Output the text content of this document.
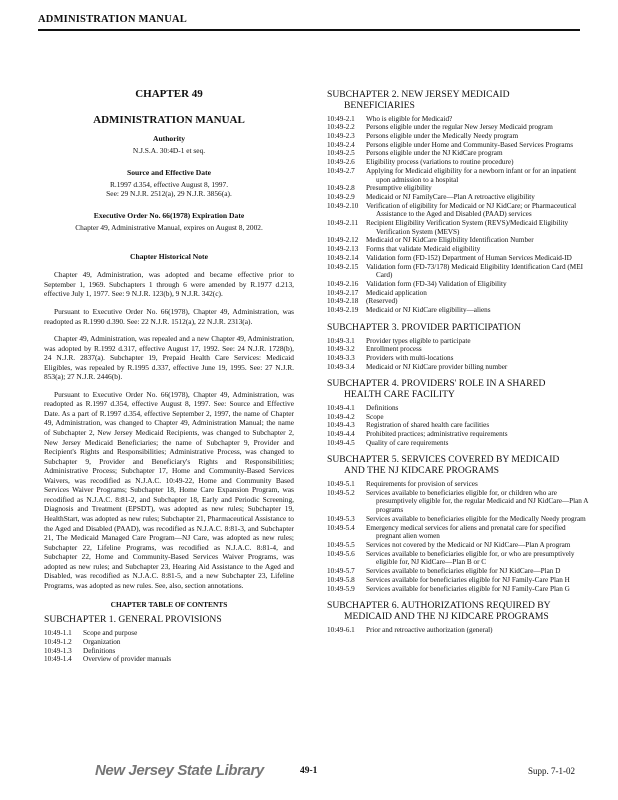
ADMINISTRATION MANUAL
CHAPTER 49
ADMINISTRATION MANUAL
Authority
N.J.S.A. 30:4D-1 et seq.
Source and Effective Date
R.1997 d.354, effective August 8, 1997.
See: 29 N.J.R. 2512(a), 29 N.J.R. 3856(a).
Executive Order No. 66(1978) Expiration Date
Chapter 49, Administrative Manual, expires on August 8, 2002.
Chapter Historical Note

Chapter 49, Administration, was adopted and became effective prior to September 1, 1969. Subchapters 1 through 6 were amended by R.1977 d.213, effective July 1, 1977. See: 9 N.J.R. 123(b), 9 N.J.R. 342(c).

Pursuant to Executive Order No. 66(1978), Chapter 49, Administration, was readopted as R.1990 d.390. See: 22 N.J.R. 1512(a), 22 N.J.R. 2313(a).

Chapter 49, Administration, was repealed and a new Chapter 49, Administration, was adopted by R.1992 d.317, effective August 17, 1992. See: 24 N.J.R. 1728(b), 24 N.J.R. 2837(a). Subchapter 19, Prepaid Health Care Services: Medicaid Eligibles, was repealed by R.1995 d.337, effective June 19, 1995. See: 27 N.J.R. 853(a); 27 N.J.R. 2446(b).

Pursuant to Executive Order No. 66(1978), Chapter 49, Administration, was readopted as R.1997 d.354, effective August 8, 1997. See: Source and Effective Date. As a part of R.1997 d.354, effective September 2, 1997, the name of Chapter 49, Administration, was changed to Chapter 49, Administration Manual; the name of Subchapter 2, New Jersey Medicaid Recipients, was changed to Subchapter 2, New Jersey Medicaid Beneficiaries; the name of Subchapter 9, Provider and Recipient's Rights and Responsibilities; Administrative Process, was changed to Subchapter 9, Provider and Beneficiary's Rights and Responsibilities; Administrative Process; Subchapter 17, Home and Community-Based Services Waivers, was recodified as N.J.A.C. 10:49-22, Home and Community Based Services Waiver Programs; Subchapter 18, Home Care Expansion Program, was recodified as N.J.A.C. 8:81-2, and Subchapter 18, Early and Periodic Screening, Diagnosis and Treatment (EPSDT), was adopted as new rules; Subchapter 19, HealthStart, was adopted as new rules; Subchapter 21, Pharmaceutical Assistance to the Aged and Disabled (PAAD), was recodified as N.J.A.C. 8:81-3, and Subchapter 21, The Medicaid Managed Care Program—NJ Care, was adopted as new rules; Subchapter 22, Lifeline Programs, was recodified as N.J.A.C. 8:81-4, and Subchapter 22, Home and Community-Based Services Waiver Programs, was adopted as new rules; and Subchapter 23, Hearing Aid Assistance to the Aged and Disabled, was recodified as N.J.A.C. 8:81-5, and a new Subchapter 23, Lifeline Programs, was adopted as new rules. See, also, section annotations.

CHAPTER TABLE OF CONTENTS
SUBCHAPTER 1. GENERAL PROVISIONS
10:49-1.1	Scope and purpose
10:49-1.2	Organization
10:49-1.3	Definitions
10:49-1.4	Overview of provider manuals
SUBCHAPTER 2. NEW JERSEY MEDICAID
BENEFICIARIES
10:49-2.1	Who is eligible for Medicaid?
10:49-2.2	Persons eligible under the regular New Jersey Medicaid program
10:49-2.3	Persons eligible under the Medically Needy program
10:49-2.4	Persons eligible under Home and Community-Based Services Programs
10:49-2.5	Persons eligible under the NJ KidCare program
10:49-2.6	Eligibility process (variations to routine procedure)
10:49-2.7	Applying for Medicaid eligibility for a newborn infant or for an inpatient upon admission to a hospital
10:49-2.8	Presumptive eligibility
10:49-2.9	Medicaid or NJ FamilyCare—Plan A retroactive eligibility
10:49-2.10	Verification of eligibility for Medicaid or NJ KidCare; or Pharmaceutical Assistance to the Aged and Disabled (PAAD) services
10:49-2.11	Recipient Eligibility Verification System (REVS)/Medicaid Eligibility Verification System (MEVS)
10:49-2.12	Medicaid or NJ KidCare Eligibility Identification Number
10:49-2.13	Forms that validate Medicaid eligibility
10:49-2.14	Validation form (FD-152) Department of Human Services Medicaid-ID
10:49-2.15	Validation form (FD-73/178) Medicaid Eligibility Identification Card (MEI Card)
10:49-2.16	Validation form (FD-34) Validation of Eligibility
10:49-2.17	Medicaid application
10:49-2.18	(Reserved)
10:49-2.19	Medicaid or NJ KidCare eligibility—aliens
SUBCHAPTER 3. PROVIDER PARTICIPATION
10:49-3.1	Provider types eligible to participate
10:49-3.2	Enrollment process
10:49-3.3	Providers with multi-locations
10:49-3.4	Medicaid or NJ KidCare provider billing number
SUBCHAPTER 4. PROVIDERS' ROLE IN A SHARED
HEALTH CARE FACILITY
10:49-4.1	Definitions
10:49-4.2	Scope
10:49-4.3	Registration of shared health care facilities
10:49-4.4	Prohibited practices; administrative requirements
10:49-4.5	Quality of care requirements
SUBCHAPTER 5. SERVICES COVERED BY MEDICAID
AND THE NJ KIDCARE PROGRAMS
10:49-5.1	Requirements for provision of services
10:49-5.2	Services available to beneficiaries eligible for, or children who are presumptively eligible for, the regular Medicaid and NJ KidCare—Plan A programs
10:49-5.3	Services available to beneficiaries eligible for the Medically Needy program
10:49-5.4	Emergency medical services for aliens and prenatal care for specified pregnant alien women
10:49-5.5	Services not covered by the Medicaid or NJ KidCare—Plan A program
10:49-5.6	Services available to beneficiaries eligible for, or who are presumptively eligible for, NJ KidCare—Plan B or C
10:49-5.7	Services available to beneficiaries eligible for NJ KidCare—Plan D
10:49-5.8	Services available for beneficiaries eligible for NJ Family-Care Plan H
10:49-5.9	Services available for beneficiaries eligible for NJ Family-Care Plan G
SUBCHAPTER 6. AUTHORIZATIONS REQUIRED BY
MEDICAID AND THE NJ KIDCARE PROGRAMS
10:49-6.1	Prior and retroactive authorization (general)
New Jersey State Library	49-1	Supp. 7-1-02
